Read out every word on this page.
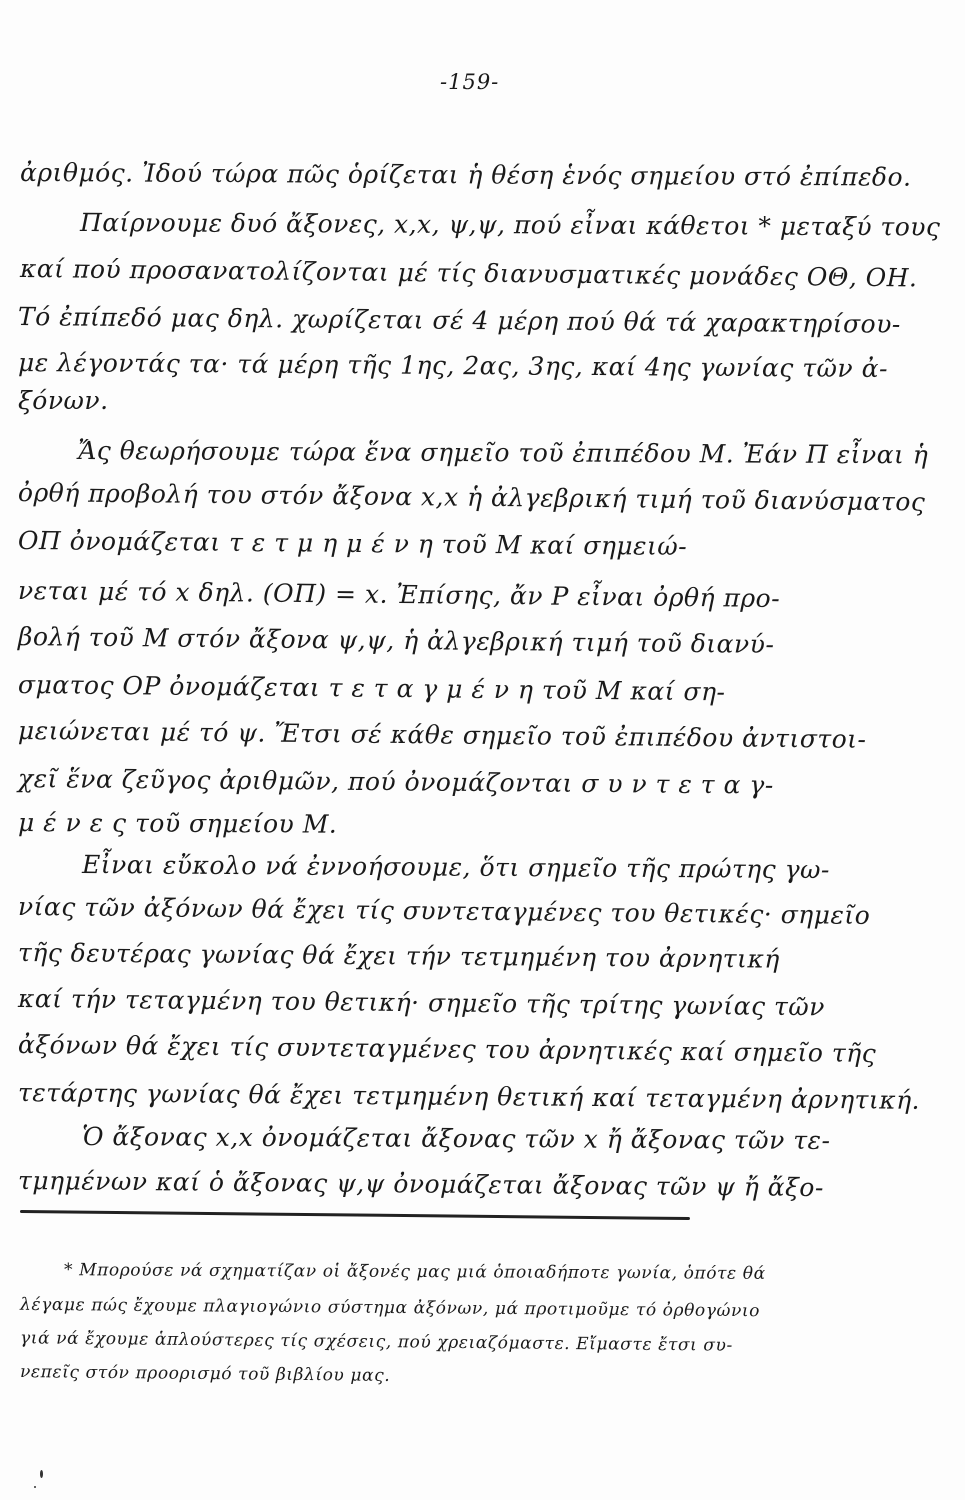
-159-
ἀριθμός. Ἰδού τώρα πῶς ὁρίζεται ἡ θέση ἑνός σημείου στό ἐπίπεδο.
Παίρνουμε δυό ἄξονες, x,x, ψ,ψ, πού εἶναι κάθετοι * μεταξύ τους
καί πού προσανατολίζονται μέ τίς διανυσματικές μονάδες ΟΘ, ΟΗ.
Τό ἐπίπεδό μας δηλ. χωρίζεται σέ 4 μέρη πού θά τά χαρακτηρίσου-
με λέγοντάς τα· τά μέρη τῆς 1ης, 2ας, 3ης, καί 4ης γωνίας τῶν ἀ-
ξόνων.
Ἄς θεωρήσουμε τώρα ἕνα σημεῖο τοῦ ἐπιπέδου Μ. Ἐάν Π εἶναι ἡ
ὀρθή προβολή του στόν ἄξονα x,x ἡ ἀλγεβρική τιμή τοῦ διανύσματος
ΟΠ ὀνομάζεται τ ε τ μ η μ έ ν η τοῦ Μ καί σημειώ-
νεται μέ τό x δηλ. (ΟΠ) = x. Ἐπίσης, ἄν Ρ εἶναι ὀρθή προ-
βολή τοῦ Μ στόν ἄξονα ψ,ψ, ἡ ἀλγεβρική τιμή τοῦ διανύ-
σματος ΟΡ ὀνομάζεται τ ε τ α γ μ έ ν η τοῦ Μ καί ση-
μειώνεται μέ τό ψ. Ἔτσι σέ κάθε σημεῖο τοῦ ἐπιπέδου ἀντιστοι-
χεῖ ἕνα ζεῦγος ἀριθμῶν, πού ὀνομάζονται σ υ ν τ ε τ α γ-
μ έ ν ε ς τοῦ σημείου Μ.
Εἶναι εὔκολο νά ἐννοήσουμε, ὅτι σημεῖο τῆς πρώτης γω-
νίας τῶν ἀξόνων θά ἔχει τίς συντεταγμένες του θετικές· σημεῖο
τῆς δευτέρας γωνίας θά ἔχει τήν τετμημένη του ἀρνητική
καί τήν τεταγμένη του θετική· σημεῖο τῆς τρίτης γωνίας τῶν
ἀξόνων θά ἔχει τίς συντεταγμένες του ἀρνητικές καί σημεῖο τῆς
τετάρτης γωνίας θά ἔχει τετμημένη θετική καί τεταγμένη ἀρνητική.
Ὁ ἄξονας x,x ὀνομάζεται ἄξονας τῶν x ἤ ἄξονας τῶν τε-
τμημένων καί ὁ ἄξονας ψ,ψ ὀνομάζεται ἄξονας τῶν ψ ἤ ἄξο-
* Μπορούσε νά σχηματίζαν οἱ ἄξονές μας μιά ὁποιαδήποτε γωνία, ὁπότε θά
λέγαμε πώς ἔχουμε πλαγιογώνιο σύστημα ἀξόνων, μά προτιμοῦμε τό ὀρθογώνιο
γιά νά ἔχουμε ἁπλούστερες τίς σχέσεις, πού χρειαζόμαστε. Εἴμαστε ἔτσι συ-
νεπεῖς στόν προορισμό τοῦ βιβλίου μας.
